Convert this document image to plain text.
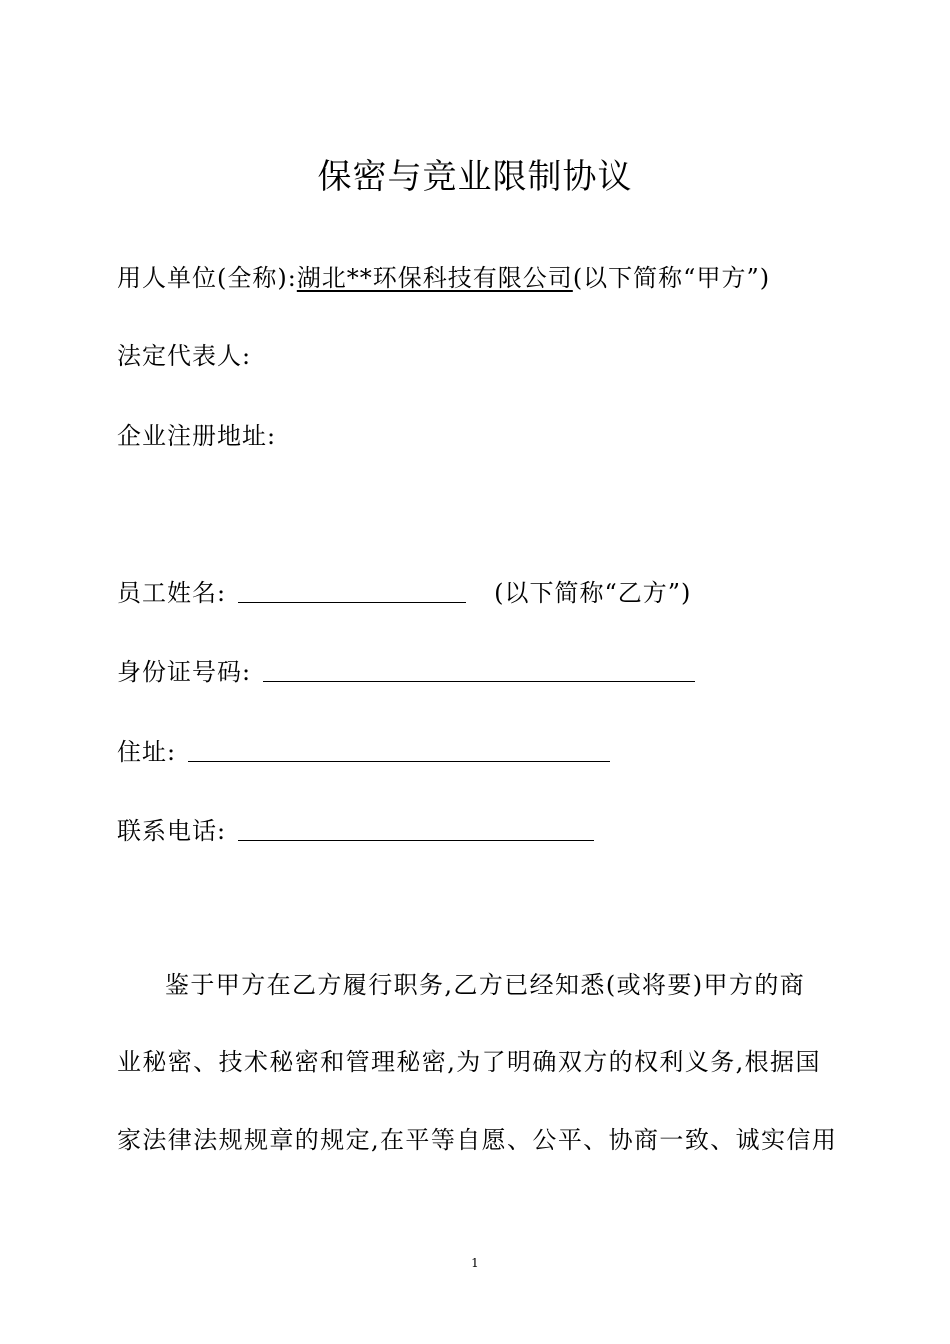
保密与竞业限制协议
用人单位(全称):湖北**环保科技有限公司(以下简称“甲方”)
法定代表人:
企业注册地址:
员工姓名:	(以下简称“乙方”)
身份证号码:
住址:
联系电话:
鉴于甲方在乙方履行职务,乙方已经知悉(或将要)甲方的商
业秘密、技术秘密和管理秘密,为了明确双方的权利义务,根据国
家法律法规规章的规定,在平等自愿、公平、协商一致、诚实信用
1
